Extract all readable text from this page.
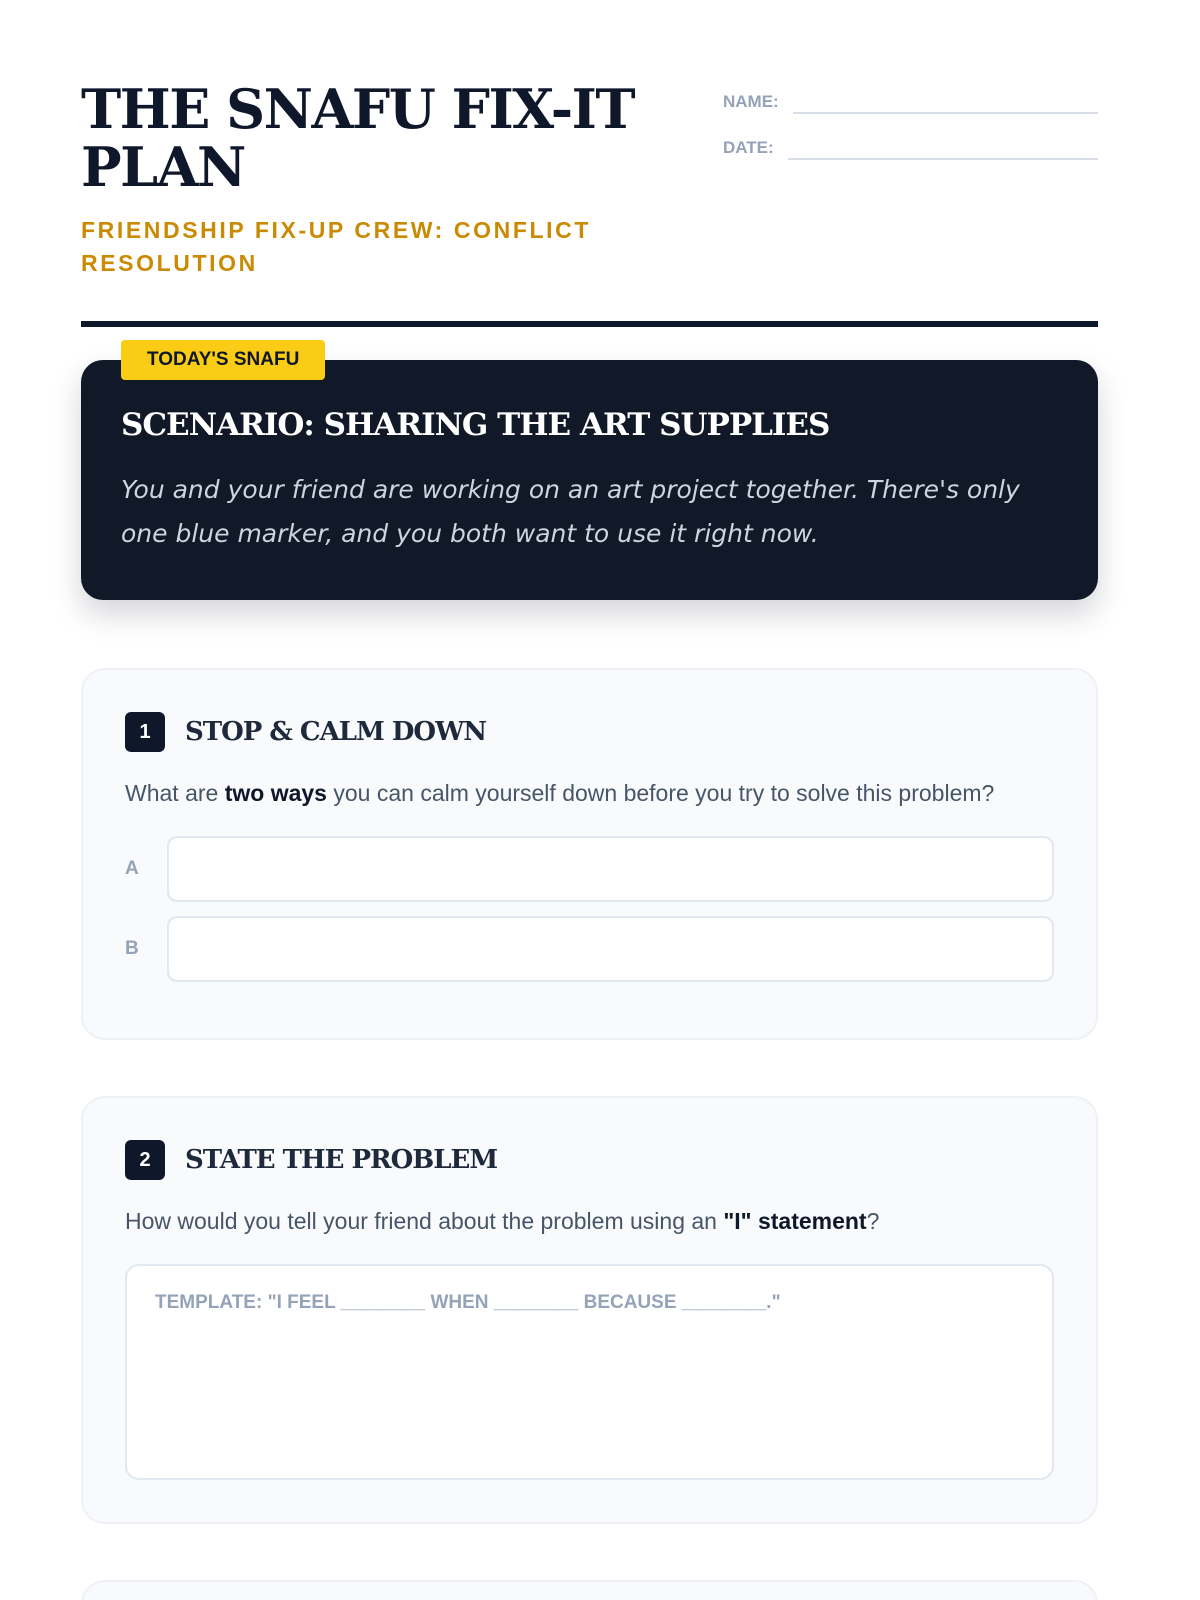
THE SNAFU FIX-IT PLAN
FRIENDSHIP FIX-UP CREW: CONFLICT RESOLUTION
NAME:
DATE:
TODAY'S SNAFU
SCENARIO: SHARING THE ART SUPPLIES
You and your friend are working on an art project together. There's only one blue marker, and you both want to use it right now.
1	STOP & CALM DOWN
What are two ways you can calm yourself down before you try to solve this problem?
A
B
2	STATE THE PROBLEM
How would you tell your friend about the problem using an "I" statement?
TEMPLATE: "I FEEL ________ WHEN ________ BECAUSE ________."
